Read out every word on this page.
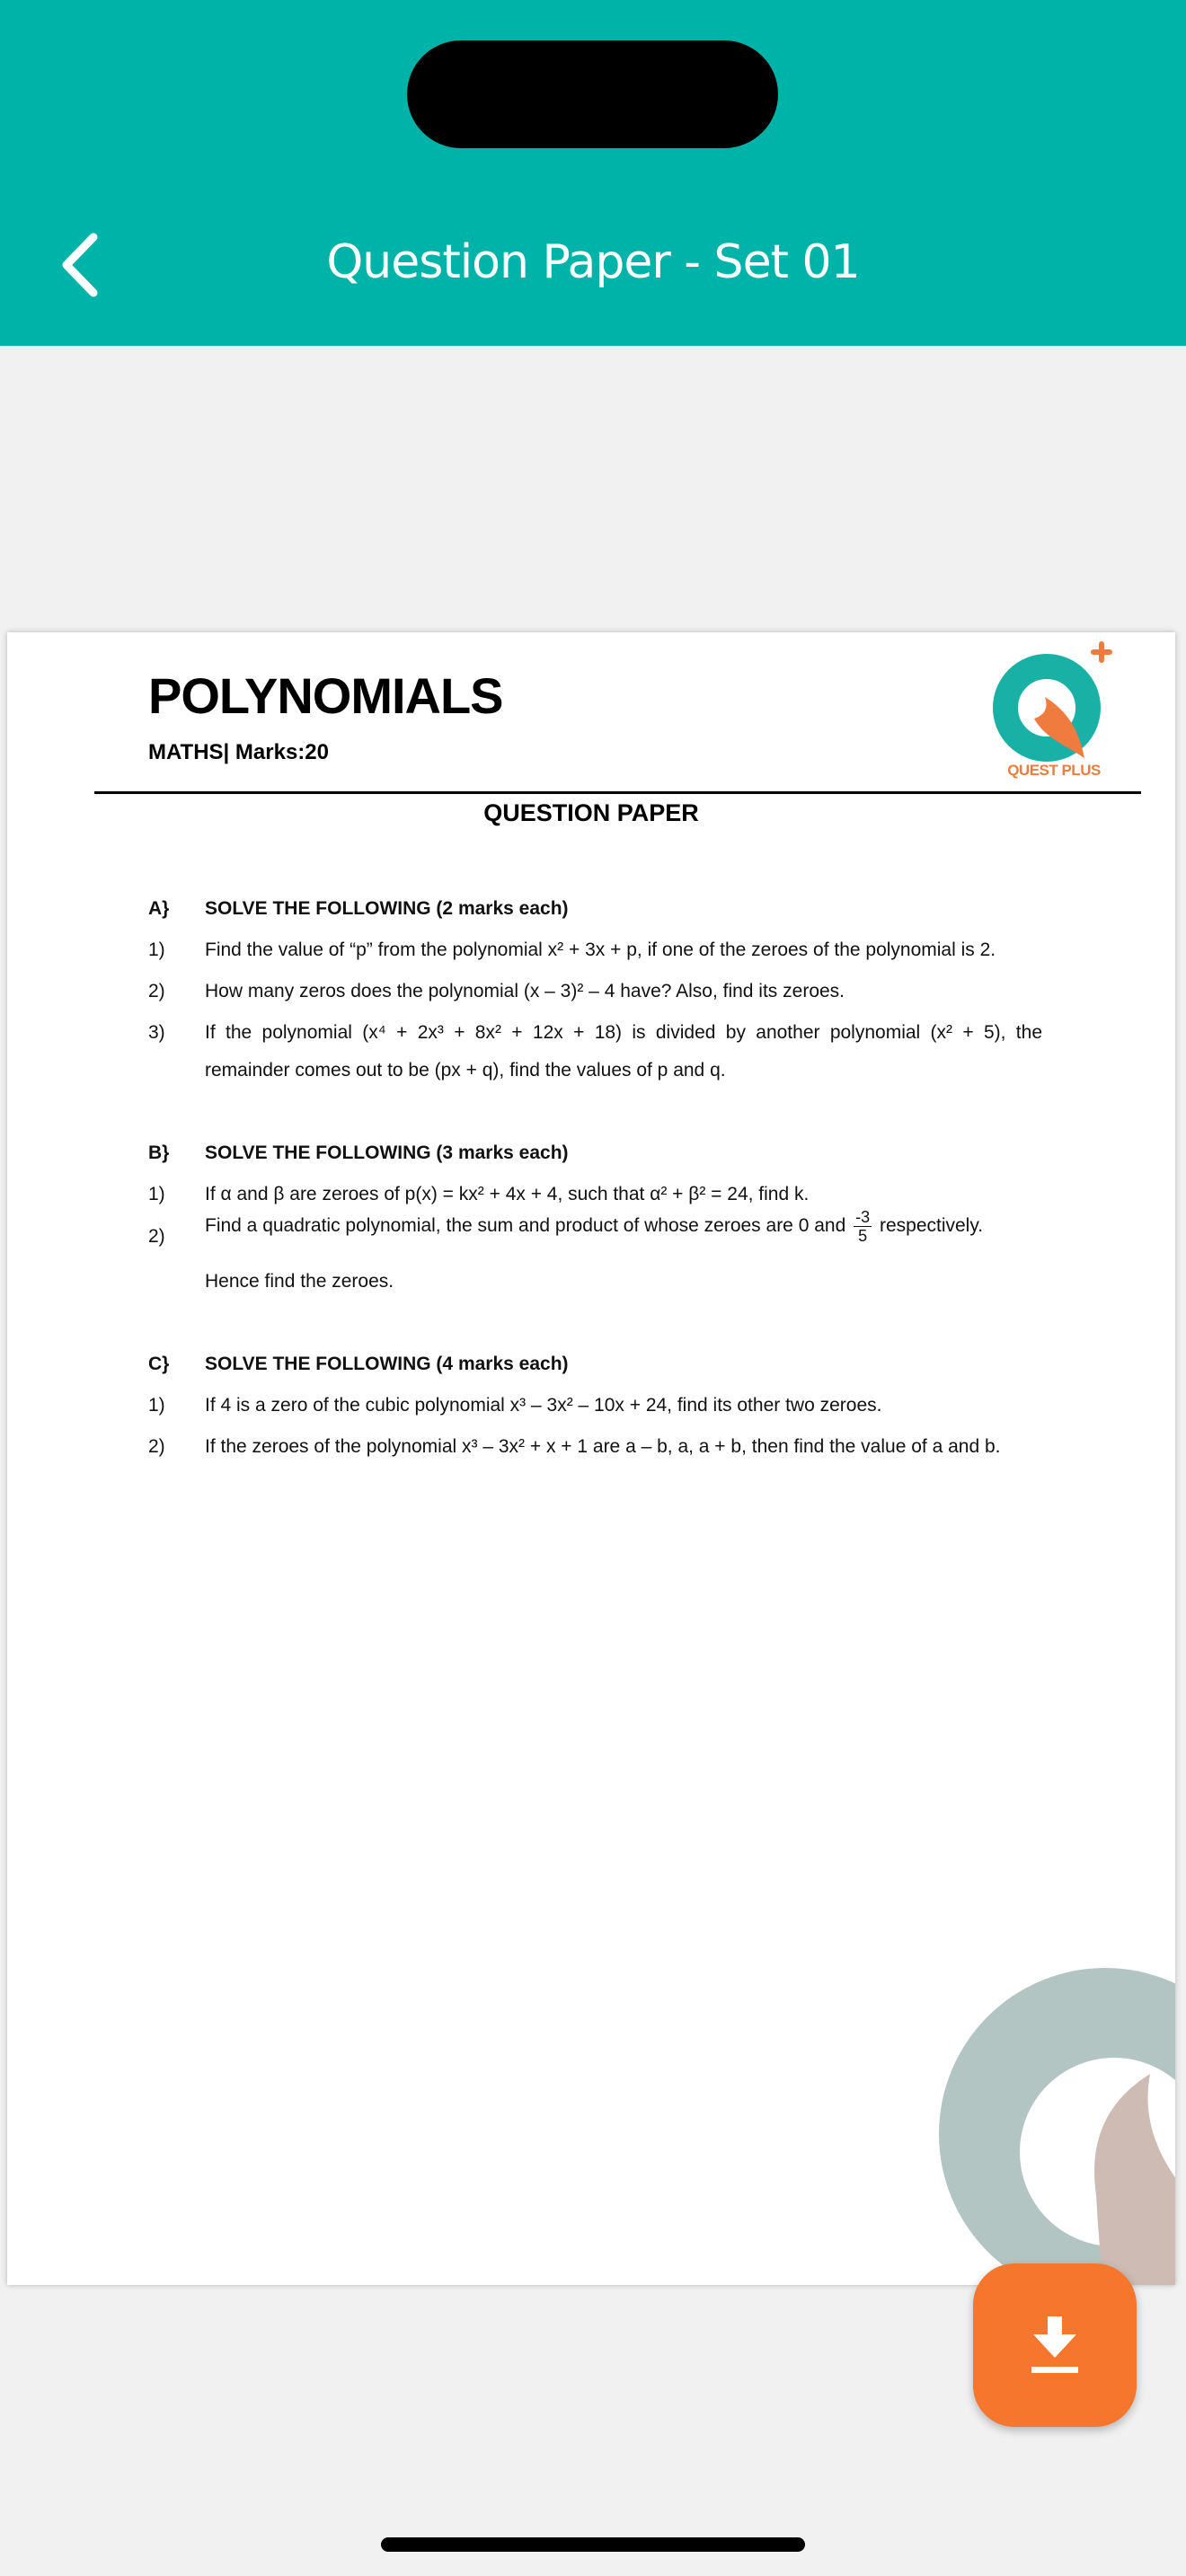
Question Paper - Set 01
POLYNOMIALS
MATHS| Marks:20
QUEST PLUS
QUESTION PAPER
A} SOLVE THE FOLLOWING (2 marks each)
1) Find the value of “p” from the polynomial x² + 3x + p, if one of the zeroes of the polynomial is 2.
2) How many zeros does the polynomial (x – 3)² – 4 have? Also, find its zeroes.
3) If the polynomial (x⁴ + 2x³ + 8x² + 12x + 18) is divided by another polynomial (x² + 5), the
remainder comes out to be (px + q), find the values of p and q.
B} SOLVE THE FOLLOWING (3 marks each)
1) If α and β are zeroes of p(x) = kx² + 4x + 4, such that α² + β² = 24, find k.
2)
Find a quadratic polynomial, the sum and product of whose zeroes are 0 and $\frac{-3}{5}$ respectively.
Hence find the zeroes.
C} SOLVE THE FOLLOWING (4 marks each)
1) If 4 is a zero of the cubic polynomial x³ – 3x² – 10x + 24, find its other two zeroes.
2) If the zeroes of the polynomial x³ – 3x² + x + 1 are a – b, a, a + b, then find the value of a and b.
